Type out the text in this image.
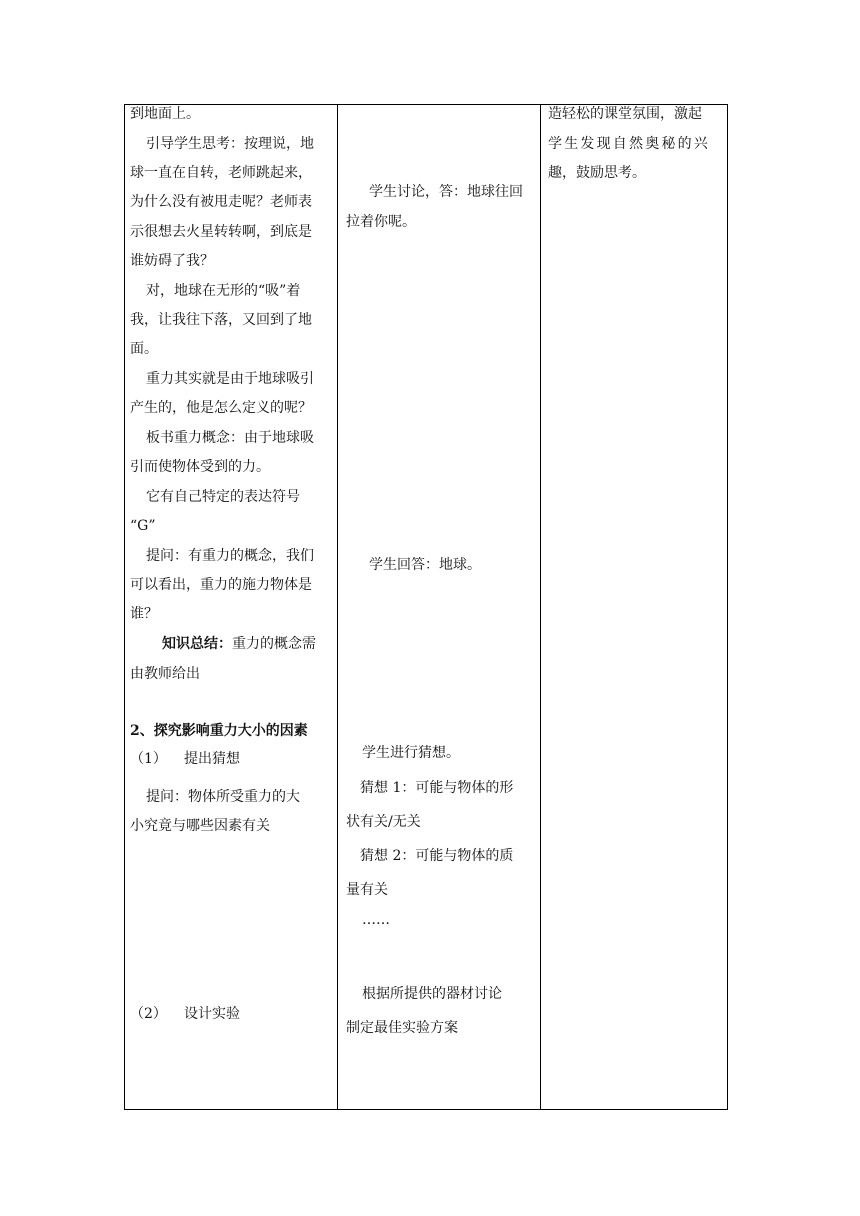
到地面上。
引导学生思考：按理说，地
球一直在自转，老师跳起来，
为什么没有被甩走呢？老师表
示很想去火星转转啊，到底是
谁妨碍了我？
对，地球在无形的“吸”着
我，让我往下落，又回到了地
面。
重力其实就是由于地球吸引
产生的，他是怎么定义的呢？
板书重力概念：由于地球吸
引而使物体受到的力。
它有自己特定的表达符号
“G”
提问：有重力的概念，我们
可以看出，重力的施力物体是
谁？
知识总结：重力的概念需
由教师给出
2、探究影响重力大小的因素
（1） 提出猜想
提问：物体所受重力的大
小究竟与哪些因素有关
（2） 设计实验
学生讨论，答：地球往回
拉着你呢。
学生回答：地球。
学生进行猜想。
猜想 1：可能与物体的形
状有关/无关
猜想 2：可能与物体的质
量有关
……
根据所提供的器材讨论
制定最佳实验方案
造轻松的课堂氛围，激起
学生发现自然奥秘的兴
趣，鼓励思考。
